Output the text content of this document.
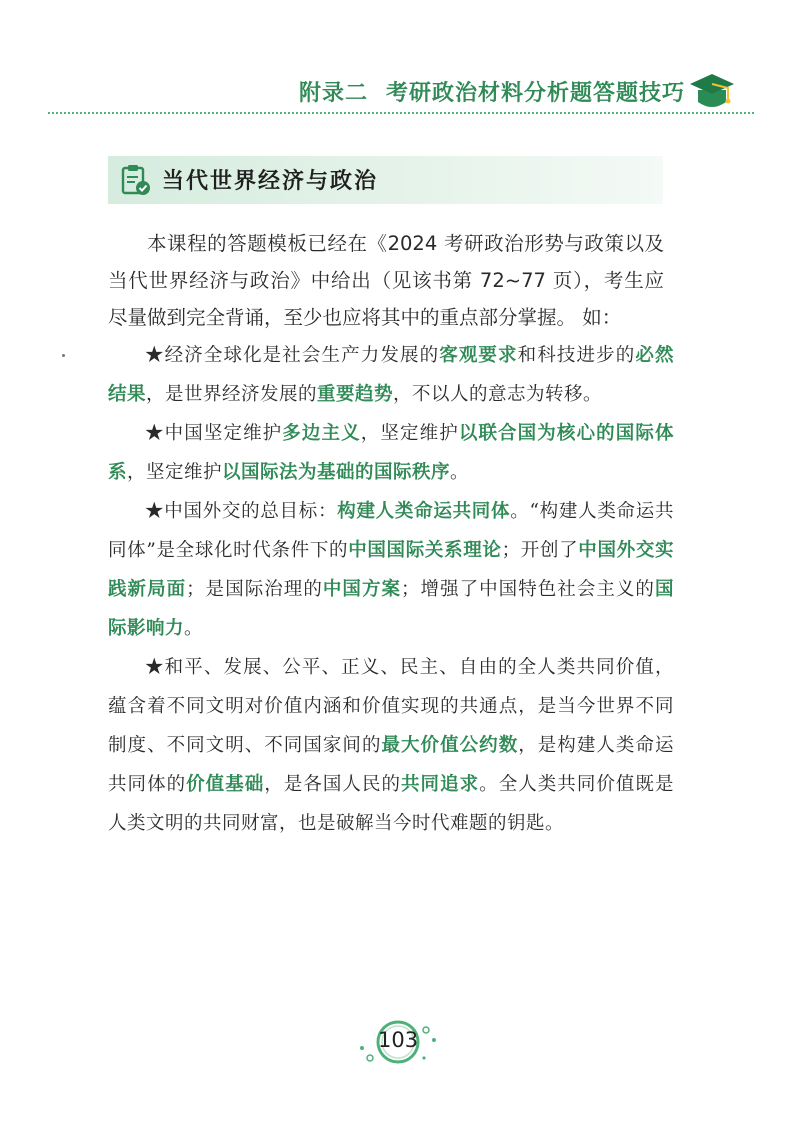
附录二 考研政治材料分析题答题技巧
当代世界经济与政治

本课程的答题模板已经在《2024 考研政治形势与政策以及当代世界经济与政治》中给出（见该书第 72~77 页），考生应尽量做到完全背诵，至少也应将其中的重点部分掌握。 如：

★经济全球化是社会生产力发展的客观要求和科技进步的必然结果，是世界经济发展的重要趋势，不以人的意志为转移。

★中国坚定维护多边主义，坚定维护以联合国为核心的国际体系，坚定维护以国际法为基础的国际秩序。

★中国外交的总目标：构建人类命运共同体。“构建人类命运共同体”是全球化时代条件下的中国国际关系理论；开创了中国外交实践新局面；是国际治理的中国方案；增强了中国特色社会主义的国际影响力。

★和平、发展、公平、正义、民主、自由的全人类共同价值，蕴含着不同文明对价值内涵和价值实现的共通点，是当今世界不同制度、不同文明、不同国家间的最大价值公约数，是构建人类命运共同体的价值基础，是各国人民的共同追求。全人类共同价值既是人类文明的共同财富，也是破解当今时代难题的钥匙。

103
